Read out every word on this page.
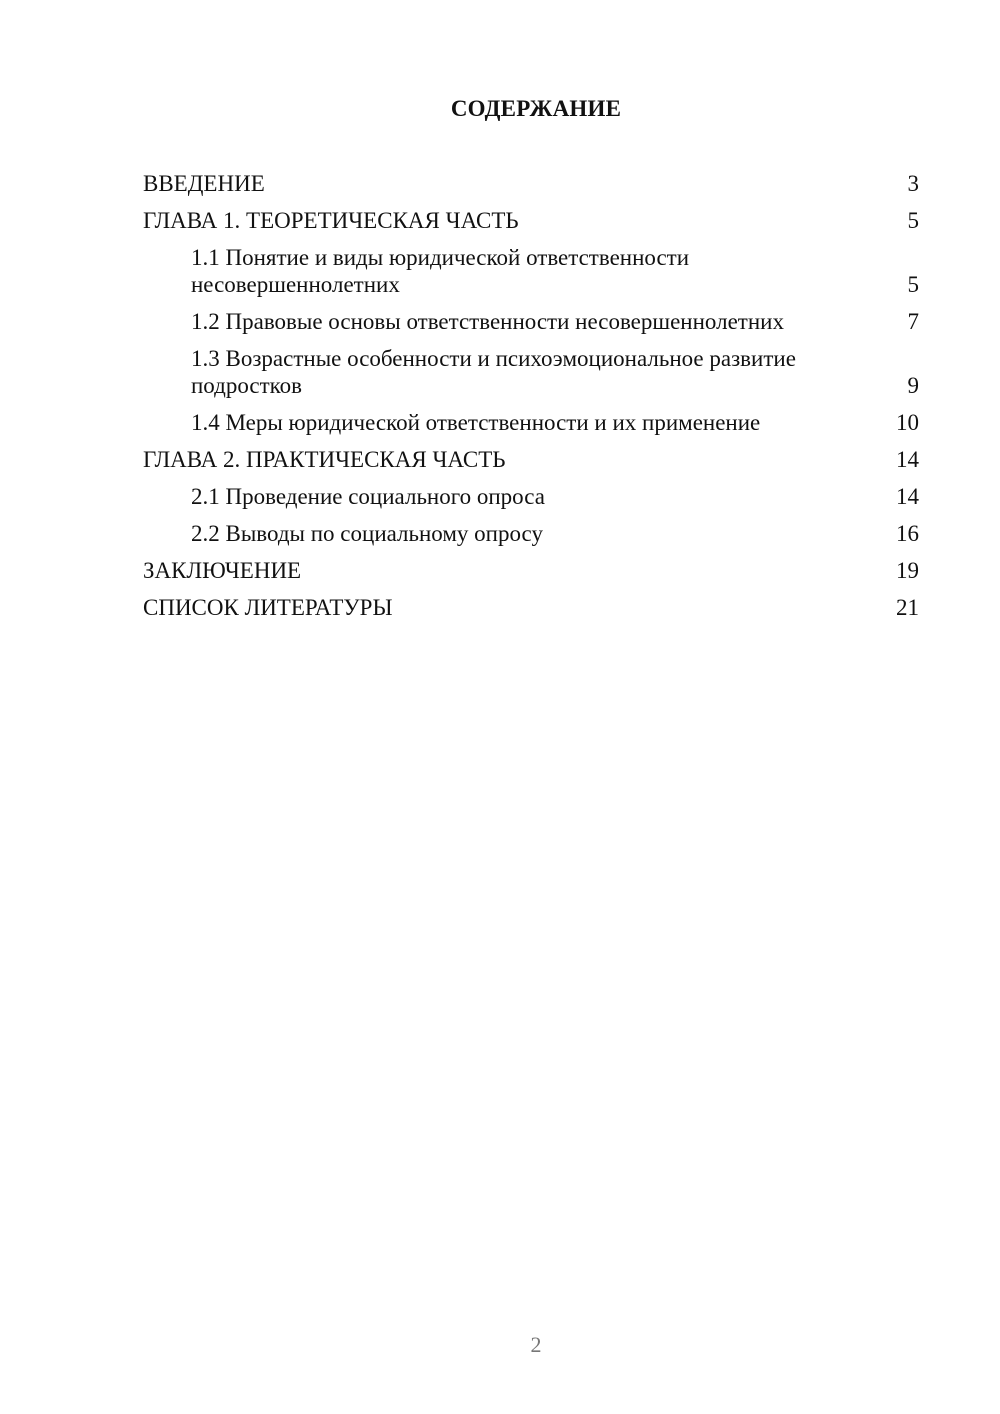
СОДЕРЖАНИЕ
ВВЕДЕНИЕ	3
ГЛАВА 1. ТЕОРЕТИЧЕСКАЯ ЧАСТЬ	5
1.1 Понятие и виды юридической ответственности несовершеннолетних	5
1.2 Правовые основы ответственности несовершеннолетних	7
1.3 Возрастные особенности и психоэмоциональное развитие подростков	9
1.4 Меры юридической ответственности и их применение	10
ГЛАВА 2. ПРАКТИЧЕСКАЯ ЧАСТЬ	14
2.1 Проведение социального опроса	14
2.2 Выводы по социальному опросу	16
ЗАКЛЮЧЕНИЕ	19
СПИСОК ЛИТЕРАТУРЫ	21
2
